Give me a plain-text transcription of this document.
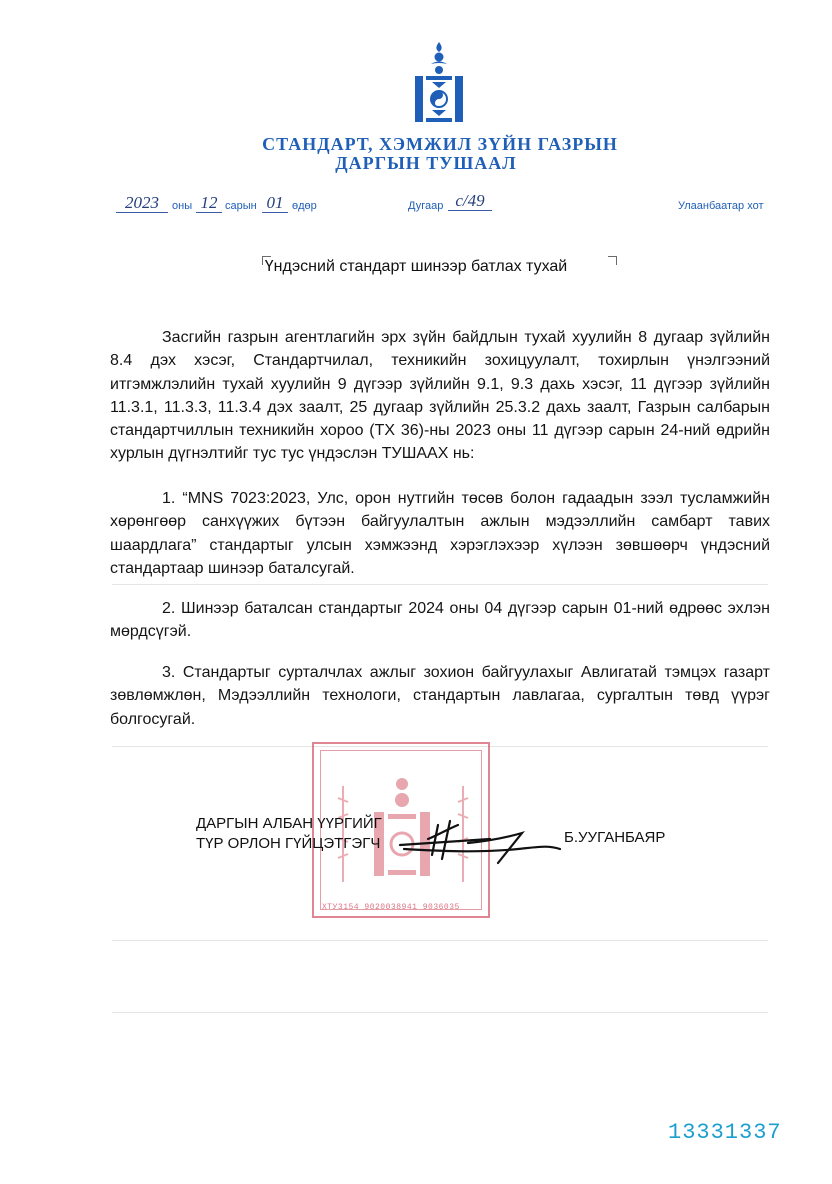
СТАНДАРТ, ХЭМЖИЛ ЗҮЙН ГАЗРЫН
ДАРГЫН ТУШААЛ
2023	оны 12 сарын 01 өдөр	Дугаар с/49	Улаанбаатар хот
Үндэсний стандарт шинээр батлах тухай
Засгийн газрын агентлагийн эрх зүйн байдлын тухай хуулийн 8 дугаар зүйлийн 8.4 дэх хэсэг, Стандартчилал, техникийн зохицуулалт, тохирлын үнэлгээний итгэмжлэлийн тухай хуулийн 9 дүгээр зүйлийн 9.1, 9.3 дахь хэсэг, 11 дүгээр зүйлийн 11.3.1, 11.3.3, 11.3.4 дэх заалт, 25 дугаар зүйлийн 25.3.2 дахь заалт, Газрын салбарын стандартчиллын техникийн хороо (ТХ 36)-ны 2023 оны 11 дүгээр сарын 24-ний өдрийн хурлын дүгнэлтийг тус тус үндэслэн ТУШААХ нь:
1. “MNS 7023:2023, Улс, орон нутгийн төсөв болон гадаадын зээл тусламжийн хөрөнгөөр санхүүжих бүтээн байгуулалтын ажлын мэдээллийн самбарт тавих шаардлага” стандартыг улсын хэмжээнд хэрэглэхээр хүлээн зөвшөөрч үндэсний стандартаар шинээр баталсугай.
2. Шинээр баталсан стандартыг 2024 оны 04 дүгээр сарын 01-ний өдрөөс эхлэн мөрдсүгэй.
3. Стандартыг сурталчлах ажлыг зохион байгуулахыг Авлигатай тэмцэх газарт зөвлөмжлөн, Мэдээллийн технологи, стандартын лавлагаа, сургалтын төвд үүрэг болгосугай.
ХТУ3154 9020038941 9036035
ДАРГЫН АЛБАН ҮҮРГИЙГ
ТҮР ОРЛОН ГҮЙЦЭТГЭГЧ	Б.УУГАНБАЯР
13331337
